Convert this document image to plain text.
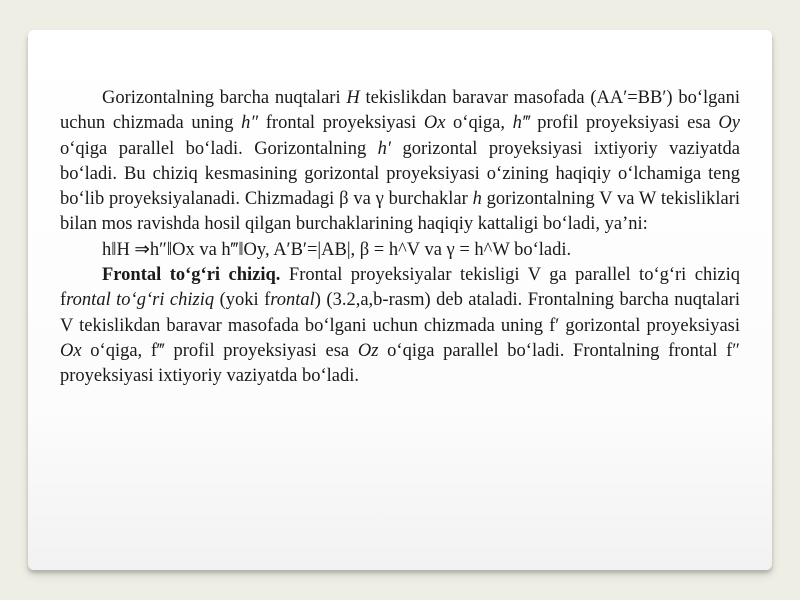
Gorizontalning barcha nuqtalari H tekislikdan baravar masofada (AA′=BB′) bo‘lgani uchun chizmada uning h″ frontal proyeksiyasi Ox o‘qiga, h‴ profil proyeksiyasi esa Oy o‘qiga parallel bo‘ladi. Gorizontalning h′ gorizontal proyeksiyasi ixtiyoriy vaziyatda bo‘ladi. Bu chiziq kesmasining gorizontal proyeksiyasi o‘zining haqiqiy o‘lchamiga teng bo‘lib proyeksiyalanadi. Chizmadagi β va γ burchaklar h gorizontalning V va W tekisliklari bilan mos ravishda hosil qilgan burchaklarining haqiqiy kattaligi bo‘ladi, ya’ni:

h‖H ⇒h″‖Ox va h‴‖Oy, A′B′=|AB|, β = h^V va γ = h^W bo‘ladi.

Frontal to‘g‘ri chiziq. Frontal proyeksiyalar tekisligi V ga parallel to‘g‘ri chiziq frontal to‘g‘ri chiziq (yoki frontal) (3.2,a,b-rasm) deb ataladi. Frontalning barcha nuqtalari V tekislikdan baravar masofada bo‘lgani uchun chizmada uning f′ gorizontal proyeksiyasi Ox o‘qiga, f‴ profil proyeksiyasi esa Oz o‘qiga parallel bo‘ladi. Frontalning frontal f″ proyeksiyasi ixtiyoriy vaziyatda bo‘ladi.
